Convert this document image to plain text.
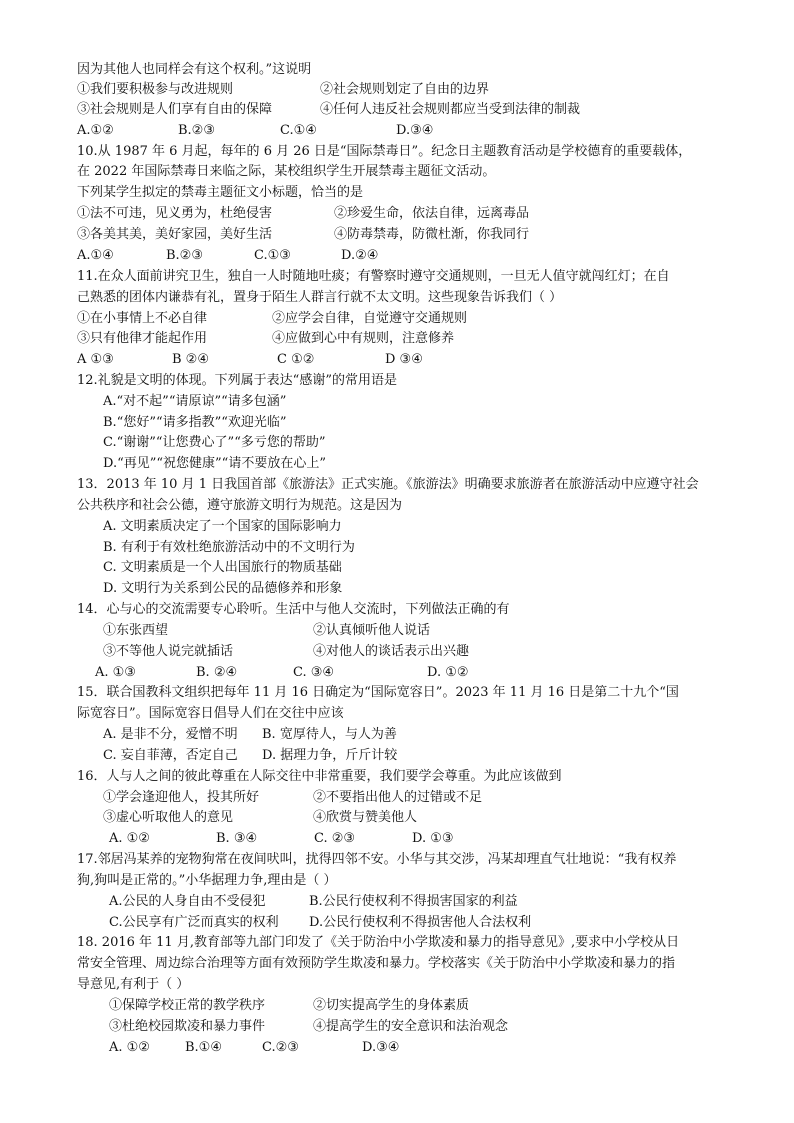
因为其他人也同样会有这个权利。”这说明
①我们要积极参与改进规则	②社会规则划定了自由的边界
③社会规则是人们享有自由的保障	④任何人违反社会规则都应当受到法律的制裁
A.①②	B.②③	C.①④	D.③④
10.从 1987 年 6 月起，每年的 6 月 26 日是“国际禁毒日”。纪念日主题教育活动是学校德育的重要载体，
在 2022 年国际禁毒日来临之际，某校组织学生开展禁毒主题征文活动。
下列某学生拟定的禁毒主题征文小标题，恰当的是
①法不可违，见义勇为，杜绝侵害	②珍爱生命，依法自律，远离毒品
③各美其美，美好家园，美好生活	④防毒禁毒，防微杜渐，你我同行
A.①④	B.②③	C.①③	D.②④
11.在众人面前讲究卫生，独自一人时随地吐痰；有警察时遵守交通规则，一旦无人值守就闯红灯；在自
己熟悉的团体内谦恭有礼，置身于陌生人群言行就不太文明。这些现象告诉我们（ ）
①在小事情上不必自律	②应学会自律，自觉遵守交通规则
③只有他律才能起作用	④应做到心中有规则，注意修养
A ①③	B ②④	C ①②	D ③④
12.礼貌是文明的体现。下列属于表达“感谢”的常用语是
A.“对不起”“请原谅”“请多包涵”
B.“您好”“请多指教”“欢迎光临”
C.“谢谢”“让您费心了”“多亏您的帮助”
D.“再见”“祝您健康”“请不要放在心上”
13．2013 年 10 月 1 日我国首部《旅游法》正式实施。《旅游法》明确要求旅游者在旅游活动中应遵守社会
公共秩序和社会公德，遵守旅游文明行为规范。这是因为
A. 文明素质决定了一个国家的国际影响力
B. 有利于有效杜绝旅游活动中的不文明行为
C. 文明素质是一个人出国旅行的物质基础
D. 文明行为关系到公民的品德修养和形象
14．心与心的交流需要专心聆听。生活中与他人交流时，下列做法正确的有
①东张西望	②认真倾听他人说话
③不等他人说完就插话	④对他人的谈话表示出兴趣
A. ①③	B. ②④	C. ③④	D. ①②
15．联合国教科文组织把每年 11 月 16 日确定为“国际宽容日”。2023 年 11 月 16 日是第二十九个“国
际宽容日”。国际宽容日倡导人们在交往中应该
A. 是非不分，爱憎不明 B. 宽厚待人，与人为善
C. 妄自菲薄，否定自己 D. 据理力争，斤斤计较
16．人与人之间的彼此尊重在人际交往中非常重要，我们要学会尊重。为此应该做到
①学会逢迎他人，投其所好	②不要指出他人的过错或不足
③虚心听取他人的意见	④欣赏与赞美他人
A. ①②	B. ③④	C. ②③	D. ①③
17.邻居冯某养的宠物狗常在夜间吠叫，扰得四邻不安。小华与其交涉，冯某却理直气壮地说：“我有权养
狗,狗叫是正常的。”小华据理力争,理由是（ ）
A.公民的人身自由不受侵犯	B.公民行使权利不得损害国家的利益
C.公民享有广泛而真实的权利 D.公民行使权利不得损害他人合法权利
18. 2016 年 11 月,教育部等九部门印发了《关于防治中小学欺凌和暴力的指导意见》,要求中小学校从日
常安全管理、周边综合治理等方面有效预防学生欺凌和暴力。学校落实《关于防治中小学欺凌和暴力的指
导意见,有利于（ ）
①保障学校正常的教学秩序	②切实提高学生的身体素质
③杜绝校园欺凌和暴力事件	④提高学生的安全意识和法治观念
A. ①②	B.①④	C.②③	D.③④
